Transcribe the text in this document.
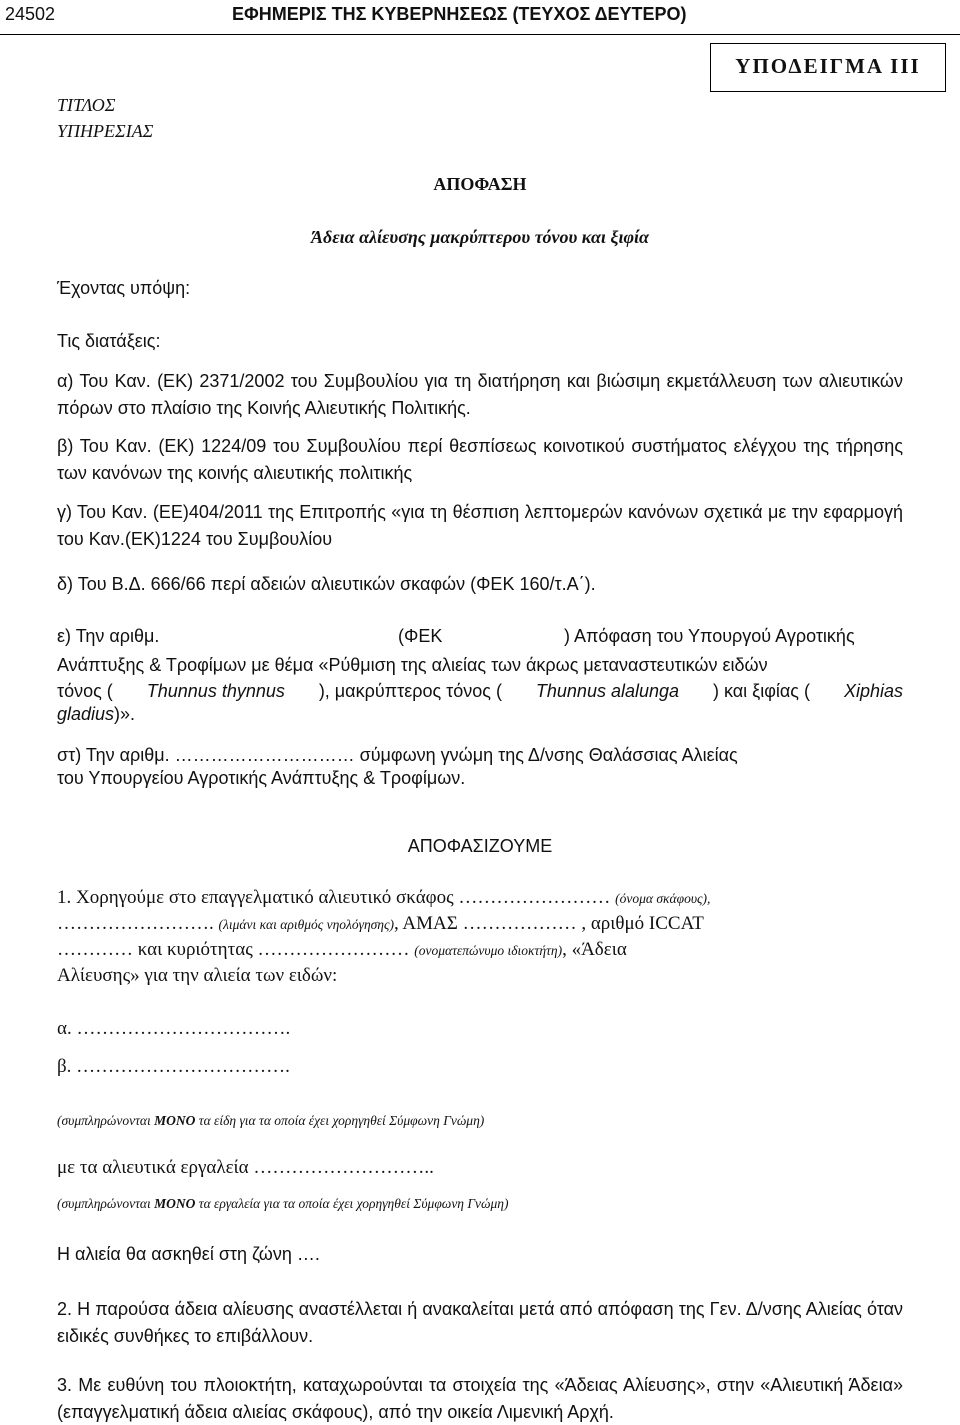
24502	ΕΦΗΜΕΡΙΣ ΤΗΣ ΚΥΒΕΡΝΗΣΕΩΣ (ΤΕΥΧΟΣ ΔΕΥΤΕΡΟ)
ΥΠΟΔΕΙΓΜΑ ΙΙΙ
ΤΙΤΛΟΣ
ΥΠΗΡΕΣΙΑΣ
ΑΠΟΦΑΣΗ
Άδεια αλίευσης μακρύπτερου τόνου και ξιφία
Έχοντας υπόψη:
Τις διατάξεις:
α) Του Καν. (ΕΚ) 2371/2002 του Συμβουλίου για τη διατήρηση και βιώσιμη εκμετάλλευση των αλιευτικών πόρων στο πλαίσιο της Κοινής Αλιευτικής Πολιτικής.
β) Του Καν. (ΕΚ) 1224/09 του Συμβουλίου περί θεσπίσεως κοινοτικού συστήματος ελέγχου της τήρησης των κανόνων της κοινής αλιευτικής πολιτικής
γ) Του Καν. (ΕΕ)404/2011 της Επιτροπής «για τη θέσπιση λεπτομερών κανόνων σχετικά με την εφαρμογή του Καν.(ΕΚ)1224 του Συμβουλίου
δ) Του Β.Δ. 666/66 περί αδειών αλιευτικών σκαφών (ΦΕΚ 160/τ.Α΄).
ε) Την αριθμ.	(ΦΕΚ	) Απόφαση του Υπουργού Αγροτικής
Ανάπτυξης & Τροφίμων με θέμα «Ρύθμιση της αλιείας των άκρως μεταναστευτικών ειδών
τόνος ( Thunnus thynnus ), μακρύπτερος τόνος ( Thunnus alalunga ) και ξιφίας ( Xiphias
gladius)».
στ) Την αριθμ. ………………………… σύμφωνη γνώμη της Δ/νσης Θαλάσσιας Αλιείας
του Υπουργείου Αγροτικής Ανάπτυξης & Τροφίμων.
ΑΠΟΦΑΣΙΖΟΥΜΕ
1. Χορηγούμε στο επαγγελματικό αλιευτικό σκάφος …………………… (όνομα σκάφους),
……………………. (λιμάνι και αριθμός νηολόγησης), ΑΜΑΣ ……………… , αριθμό ICCAT
………… και κυριότητας …………………… (ονοματεπώνυμο ιδιοκτήτη), «Άδεια
Αλίευσης» για την αλιεία των ειδών:
α. …………………………….
β. …………………………….
(συμπληρώνονται ΜΟΝΟ τα είδη για τα οποία έχει χορηγηθεί Σύμφωνη Γνώμη)
με τα αλιευτικά εργαλεία ………………………..
(συμπληρώνονται ΜΟΝΟ τα εργαλεία για τα οποία έχει χορηγηθεί Σύμφωνη Γνώμη)
Η αλιεία θα ασκηθεί στη ζώνη ….
2. Η παρούσα άδεια αλίευσης αναστέλλεται ή ανακαλείται μετά από απόφαση της Γεν. Δ/νσης Αλιείας όταν ειδικές συνθήκες το επιβάλλουν.
3. Με ευθύνη του πλοιοκτήτη, καταχωρούνται τα στοιχεία της «Άδειας Αλίευσης», στην «Αλιευτική Άδεια» (επαγγελματική άδεια αλιείας σκάφους), από την οικεία Λιμενική Αρχή.
